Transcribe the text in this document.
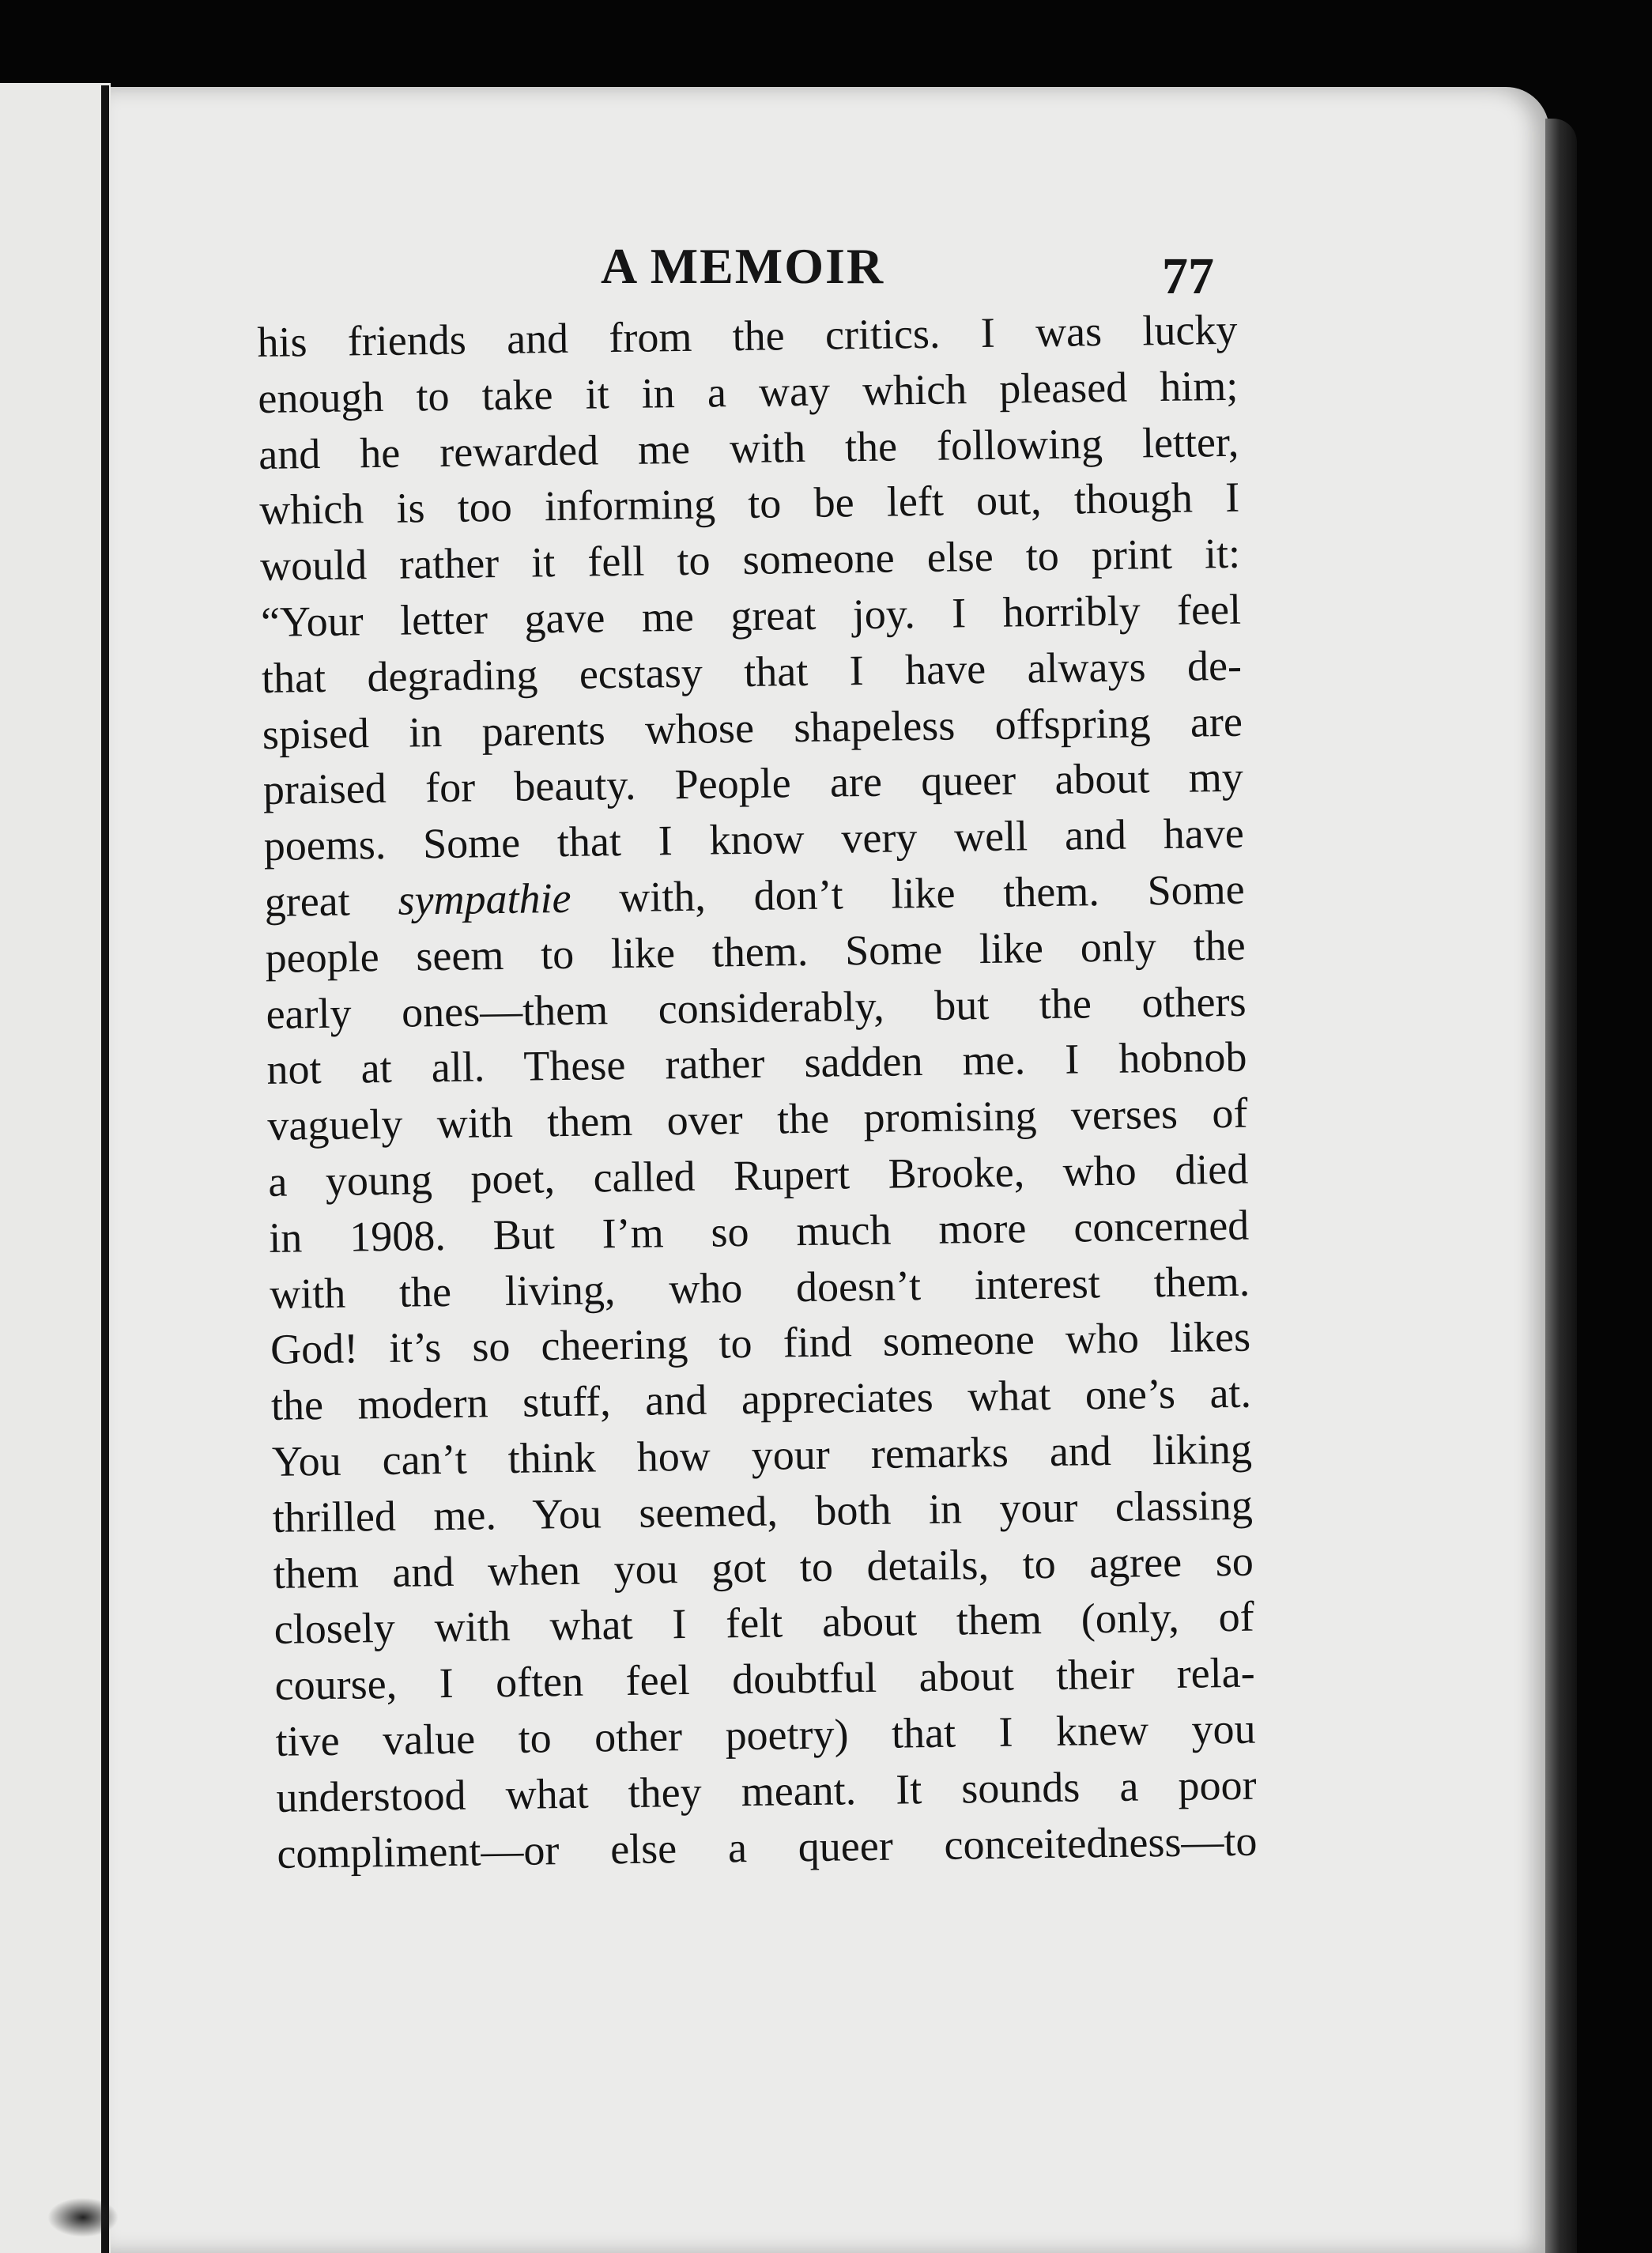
A MEMOIR	77
his friends and from the critics. I was lucky
enough to take it in a way which pleased him;
and he rewarded me with the following letter,
which is too informing to be left out, though I
would rather it fell to someone else to print it:
“Your letter gave me great joy. I horribly feel
that degrading ecstasy that I have always de-
spised in parents whose shapeless offspring are
praised for beauty. People are queer about my
poems. Some that I know very well and have
great sympathie with, don’t like them. Some
people seem to like them. Some like only the
early ones—them considerably, but the others
not at all. These rather sadden me. I hobnob
vaguely with them over the promising verses of
a young poet, called Rupert Brooke, who died
in 1908. But I’m so much more concerned
with the living, who doesn’t interest them.
God! it’s so cheering to find someone who likes
the modern stuff, and appreciates what one’s at.
You can’t think how your remarks and liking
thrilled me. You seemed, both in your classing
them and when you got to details, to agree so
closely with what I felt about them (only, of
course, I often feel doubtful about their rela-
tive value to other poetry) that I knew you
understood what they meant. It sounds a poor
compliment—or else a queer conceitedness—to
